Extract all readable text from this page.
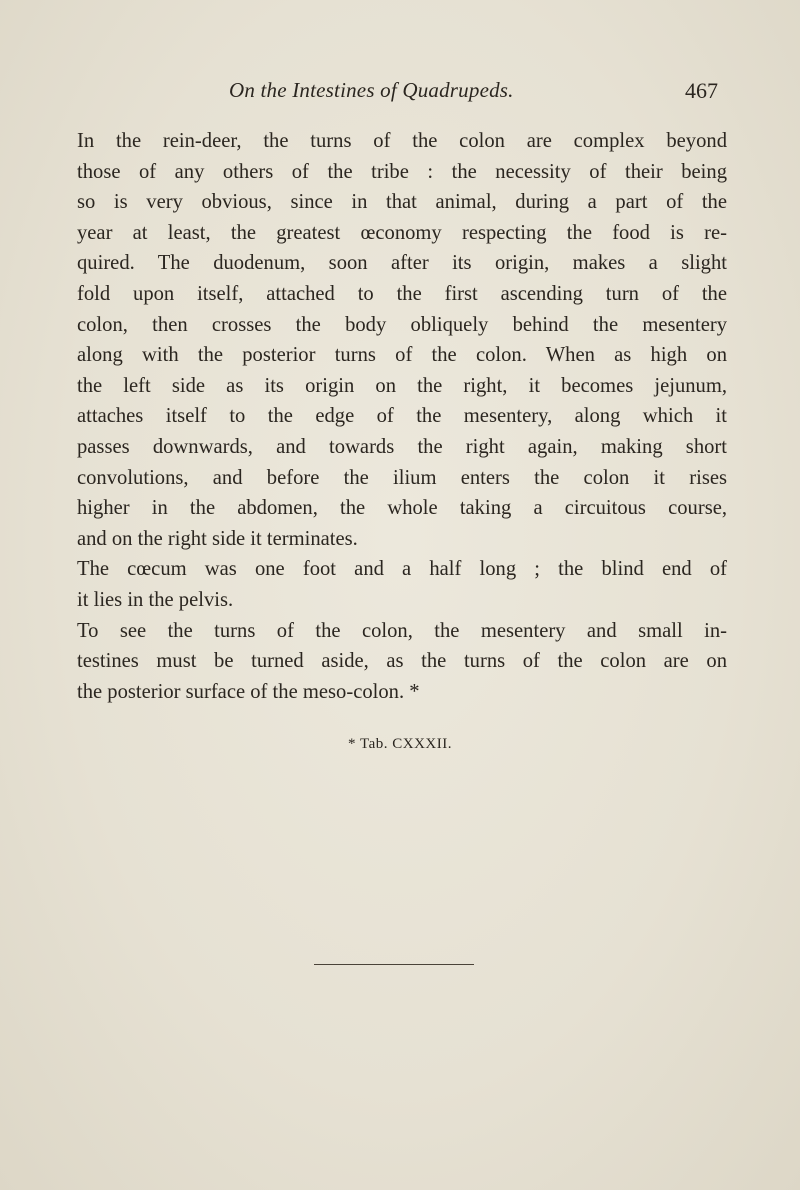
On the Intestines of Quadrupeds.	467
In the rein-deer, the turns of the colon are complex beyond
those of any others of the tribe : the necessity of their being
so is very obvious, since in that animal, during a part of the
year at least, the greatest œconomy respecting the food is re-
quired. The duodenum, soon after its origin, makes a slight
fold upon itself, attached to the first ascending turn of the
colon, then crosses the body obliquely behind the mesentery
along with the posterior turns of the colon. When as high on
the left side as its origin on the right, it becomes jejunum,
attaches itself to the edge of the mesentery, along which it
passes downwards, and towards the right again, making short
convolutions, and before the ilium enters the colon it rises
higher in the abdomen, the whole taking a circuitous course,
and on the right side it terminates.
The cœcum was one foot and a half long ; the blind end of
it lies in the pelvis.
To see the turns of the colon, the mesentery and small in-
testines must be turned aside, as the turns of the colon are on
the posterior surface of the meso-colon. *
* Tab. CXXXII.
